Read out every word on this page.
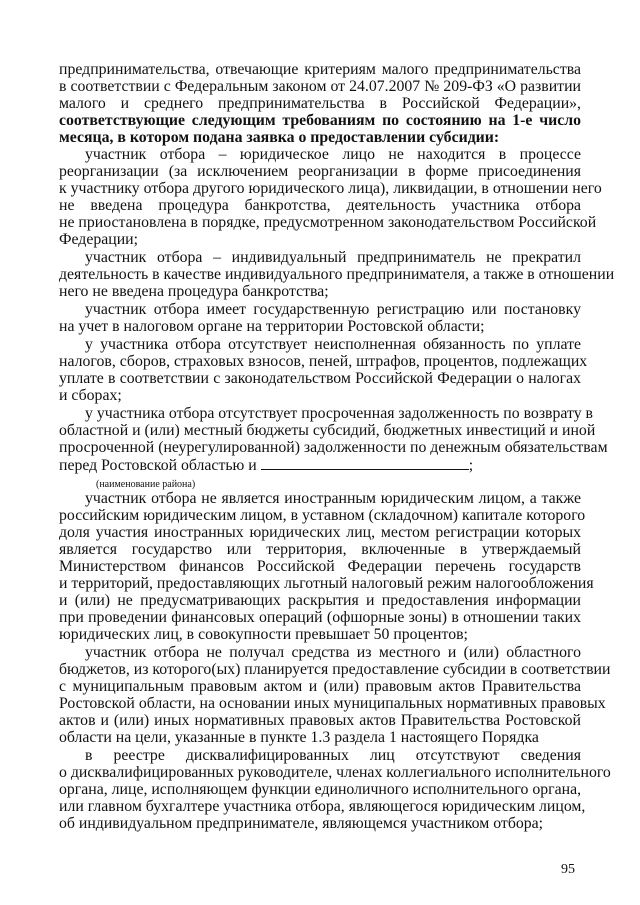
предпринимательства, отвечающие критериям малого предпринимательства
в соответствии с Федеральным законом от 24.07.2007 № 209-ФЗ «О развитии
малого и среднего предпринимательства в Российской Федерации»,
соответствующие следующим требованиям по состоянию на 1-е число
месяца, в котором подана заявка о предоставлении субсидии:
участник отбора – юридическое лицо не находится в процессе
реорганизации (за исключением реорганизации в форме присоединения
к участнику отбора другого юридического лица), ликвидации, в отношении него
не введена процедура банкротства, деятельность участника отбора
не приостановлена в порядке, предусмотренном законодательством Российской
Федерации;
участник отбора – индивидуальный предприниматель не прекратил
деятельность в качестве индивидуального предпринимателя, а также в отношении
него не введена процедура банкротства;
участник отбора имеет государственную регистрацию или постановку
на учет в налоговом органе на территории Ростовской области;
у участника отбора отсутствует неисполненная обязанность по уплате
налогов, сборов, страховых взносов, пеней, штрафов, процентов, подлежащих
уплате в соответствии с законодательством Российской Федерации о налогах
и сборах;
у участника отбора отсутствует просроченная задолженность по возврату в
областной и (или) местный бюджеты субсидий, бюджетных инвестиций и иной
просроченной (неурегулированной) задолженности по денежным обязательствам
перед Ростовской областью и	;
(наименование района)
участник отбора не является иностранным юридическим лицом, а также
российским юридическим лицом, в уставном (складочном) капитале которого
доля участия иностранных юридических лиц, местом регистрации которых
является государство или территория, включенные в утверждаемый
Министерством финансов Российской Федерации перечень государств
и территорий, предоставляющих льготный налоговый режим налогообложения
и (или) не предусматривающих раскрытия и предоставления информации
при проведении финансовых операций (офшорные зоны) в отношении таких
юридических лиц, в совокупности превышает 50 процентов;
участник отбора не получал средства из местного и (или) областного
бюджетов, из которого(ых) планируется предоставление субсидии в соответствии
с муниципальным правовым актом и (или) правовым актов Правительства
Ростовской области, на основании иных муниципальных нормативных правовых
актов и (или) иных нормативных правовых актов Правительства Ростовской
области на цели, указанные в пункте 1.3 раздела 1 настоящего Порядка
в реестре дисквалифицированных лиц отсутствуют сведения
о дисквалифицированных руководителе, членах коллегиального исполнительного
органа, лице, исполняющем функции единоличного исполнительного органа,
или главном бухгалтере участника отбора, являющегося юридическим лицом,
об индивидуальном предпринимателе, являющемся участником отбора;
95
